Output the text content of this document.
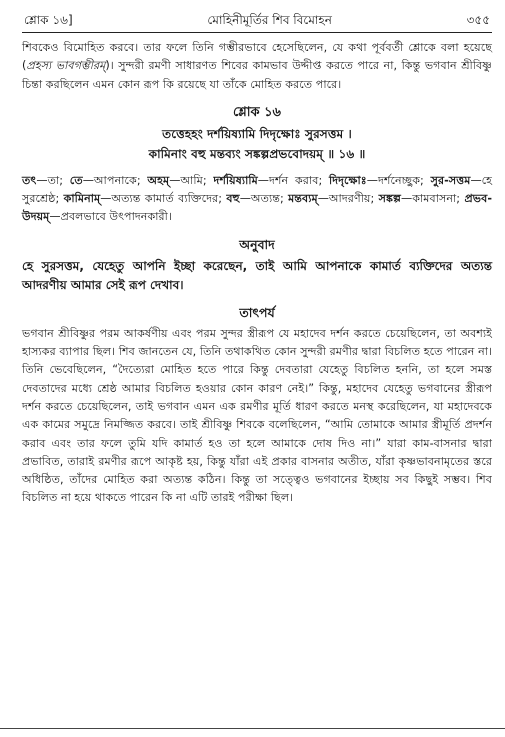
শ্লোক ১৬]	মোহিনীমূর্তির শিব বিমোহন	৩৫৫

শিবকেও বিমোহিত করবে। তার ফলে তিনি গম্ভীরভাবে হেসেছিলেন, যে কথা পূর্ববর্তী শ্লোকে বলা হয়েছে (প্রহস্য ভাবগম্ভীরম্)। সুন্দরী রমণী সাধারণত শিবের কামভাব উদ্দীপ্ত করতে পারে না, কিন্তু ভগবান শ্রীবিষ্ণু চিন্তা করছিলেন এমন কোন রূপ কি রয়েছে যা তাঁকে মোহিত করতে পারে।

শ্লোক ১৬

তত্তেহহং দর্শয়িষ্যামি দিদৃক্ষোঃ সুরসত্তম ।

কামিনাং বহু মন্তব্যং সঙ্কল্পপ্রভবোদয়ম্ ॥ ১৬ ॥

তৎ—তা; তে—আপনাকে; অহম্—আমি; দর্শয়িষ্যামি—দর্শন করাব; দিদৃক্ষোঃ—দর্শনেচ্ছুক; সুর-সত্তম—হে সুরশ্রেষ্ঠ; কামিনাম্—অত্যন্ত কামার্ত ব্যক্তিদের; বহু—অত্যন্ত; মন্তব্যম্—আদরণীয়; সঙ্কল্প—কামবাসনা; প্রভব-উদয়ম্—প্রবলভাবে উৎপাদনকারী।

অনুবাদ

হে সুরসত্তম, যেহেতু আপনি ইচ্ছা করেছেন, তাই আমি আপনাকে কামার্ত ব্যক্তিদের অত্যন্ত আদরণীয় আমার সেই রূপ দেখাব।

তাৎপর্য

ভগবান শ্রীবিষ্ণুর পরম আকর্ষণীয় এবং পরম সুন্দর স্ত্রীরূপ যে মহাদেব দর্শন করতে চেয়েছিলেন, তা অবশ্যই হাস্যকর ব্যাপার ছিল। শিব জানতেন যে, তিনি তথাকথিত কোন সুন্দরী রমণীর দ্বারা বিচলিত হতে পারেন না। তিনি ভেবেছিলেন, “দৈত্যেরা মোহিত হতে পারে কিন্তু দেবতারা যেহেতু বিচলিত হননি, তা হলে সমস্ত দেবতাদের মধ্যে শ্রেষ্ঠ আমার বিচলিত হওয়ার কোন কারণ নেই।” কিন্তু, মহাদেব যেহেতু ভগবানের স্ত্রীরূপ দর্শন করতে চেয়েছিলেন, তাই ভগবান এমন এক রমণীর মূর্তি ধারণ করতে মনস্থ করেছিলেন, যা মহাদেবকে এক কামের সমুদ্রে নিমজ্জিত করবে। তাই শ্রীবিষ্ণু শিবকে বলেছিলেন, “আমি তোমাকে আমার স্ত্রীমূর্তি প্রদর্শন করাব এবং তার ফলে তুমি যদি কামার্ত হও তা হলে আমাকে দোষ দিও না।” যারা কাম-বাসনার দ্বারা প্রভাবিত, তারাই রমণীর রূপে আকৃষ্ট হয়, কিন্তু যাঁরা এই প্রকার বাসনার অতীত, যাঁরা কৃষ্ণভাবনামৃতের স্তরে অধিষ্ঠিত, তাঁদের মোহিত করা অত্যন্ত কঠিন। কিন্তু তা সত্ত্বেও ভগবানের ইচ্ছায় সব কিছুই সম্ভব। শিব বিচলিত না হয়ে থাকতে পারেন কি না এটি তারই পরীক্ষা ছিল।
